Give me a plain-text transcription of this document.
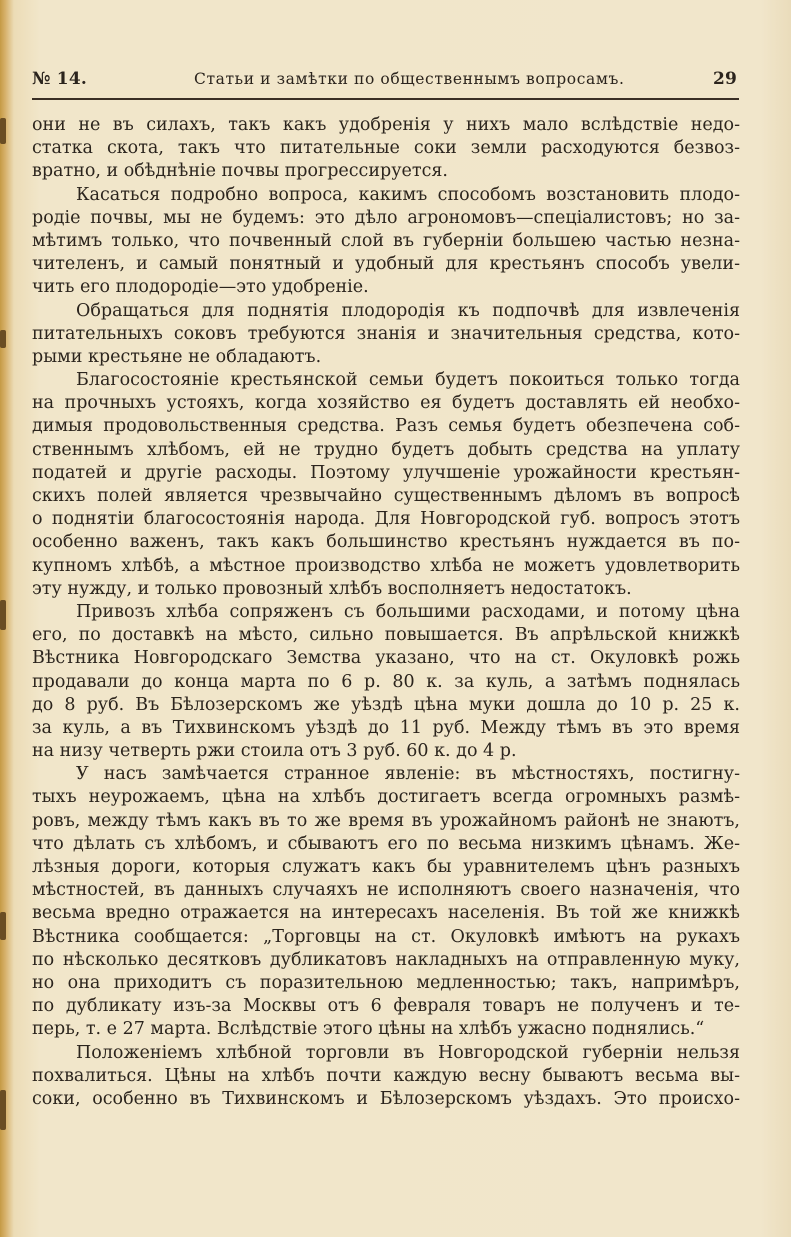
№ 14.	Статьи и замѣтки по общественнымъ вопросамъ.	29
они не въ силахъ, такъ какъ удобренія у нихъ мало вслѣдствіе недо-
статка скота, такъ что питательные соки земли расходуются безвоз-
вратно, и обѣднѣніе почвы прогрессируется.
Касаться подробно вопроса, какимъ способомъ возстановить плодо-
родіе почвы, мы не будемъ: это дѣло агрономовъ—спеціалистовъ; но за-
мѣтимъ только, что почвенный слой въ губерніи большею частью незна-
чителенъ, и самый понятный и удобный для крестьянъ способъ увели-
чить его плодородіе—это удобреніе.
Обращаться для поднятія плодородія къ подпочвѣ для извлеченія
питательныхъ соковъ требуются знанія и значительныя средства, кото-
рыми крестьяне не обладаютъ.
Благосостояніе крестьянской семьи будетъ покоиться только тогда
на прочныхъ устояхъ, когда хозяйство ея будетъ доставлять ей необхо-
димыя продовольственныя средства. Разъ семья будетъ обезпечена соб-
ственнымъ хлѣбомъ, ей не трудно будетъ добыть средства на уплату
податей и другіе расходы. Поэтому улучшеніе урожайности крестьян-
скихъ полей является чрезвычайно существеннымъ дѣломъ въ вопросѣ
о поднятіи благосостоянія народа. Для Новгородской губ. вопросъ этотъ
особенно важенъ, такъ какъ большинство крестьянъ нуждается въ по-
купномъ хлѣбѣ, а мѣстное производство хлѣба не можетъ удовлетворить
эту нужду, и только провозный хлѣбъ восполняетъ недостатокъ.
Привозъ хлѣба сопряженъ съ большими расходами, и потому цѣна
его, по доставкѣ на мѣсто, сильно повышается. Въ апрѣльской книжкѣ
Вѣстника Новгородскаго Земства указано, что на ст. Окуловкѣ рожь
продавали до конца марта по 6 р. 80 к. за куль, а затѣмъ поднялась
до 8 руб. Въ Бѣлозерскомъ же уѣздѣ цѣна муки дошла до 10 р. 25 к.
за куль, а въ Тихвинскомъ уѣздѣ до 11 руб. Между тѣмъ въ это время
на низу четверть ржи стоила отъ 3 руб. 60 к. до 4 р.
У насъ замѣчается странное явленіе: въ мѣстностяхъ, постигну-
тыхъ неурожаемъ, цѣна на хлѣбъ достигаетъ всегда огромныхъ размѣ-
ровъ, между тѣмъ какъ въ то же время въ урожайномъ районѣ не знаютъ,
что дѣлать съ хлѣбомъ, и сбываютъ его по весьма низкимъ цѣнамъ. Же-
лѣзныя дороги, которыя служатъ какъ бы уравнителемъ цѣнъ разныхъ
мѣстностей, въ данныхъ случаяхъ не исполняютъ своего назначенія, что
весьма вредно отражается на интересахъ населенія. Въ той же книжкѣ
Вѣстника сообщается: „Торговцы на ст. Окуловкѣ имѣютъ на рукахъ
по нѣсколько десятковъ дубликатовъ накладныхъ на отправленную муку,
но она приходитъ съ поразительною медленностью; такъ, напримѣръ,
по дубликату изъ-за Москвы отъ 6 февраля товаръ не полученъ и те-
перь, т. е 27 марта. Вслѣдствіе этого цѣны на хлѣбъ ужасно поднялись.“
Положеніемъ хлѣбной торговли въ Новгородской губерніи нельзя
похвалиться. Цѣны на хлѣбъ почти каждую весну бываютъ весьма вы-
соки, особенно въ Тихвинскомъ и Бѣлозерскомъ уѣздахъ. Это происхо-
